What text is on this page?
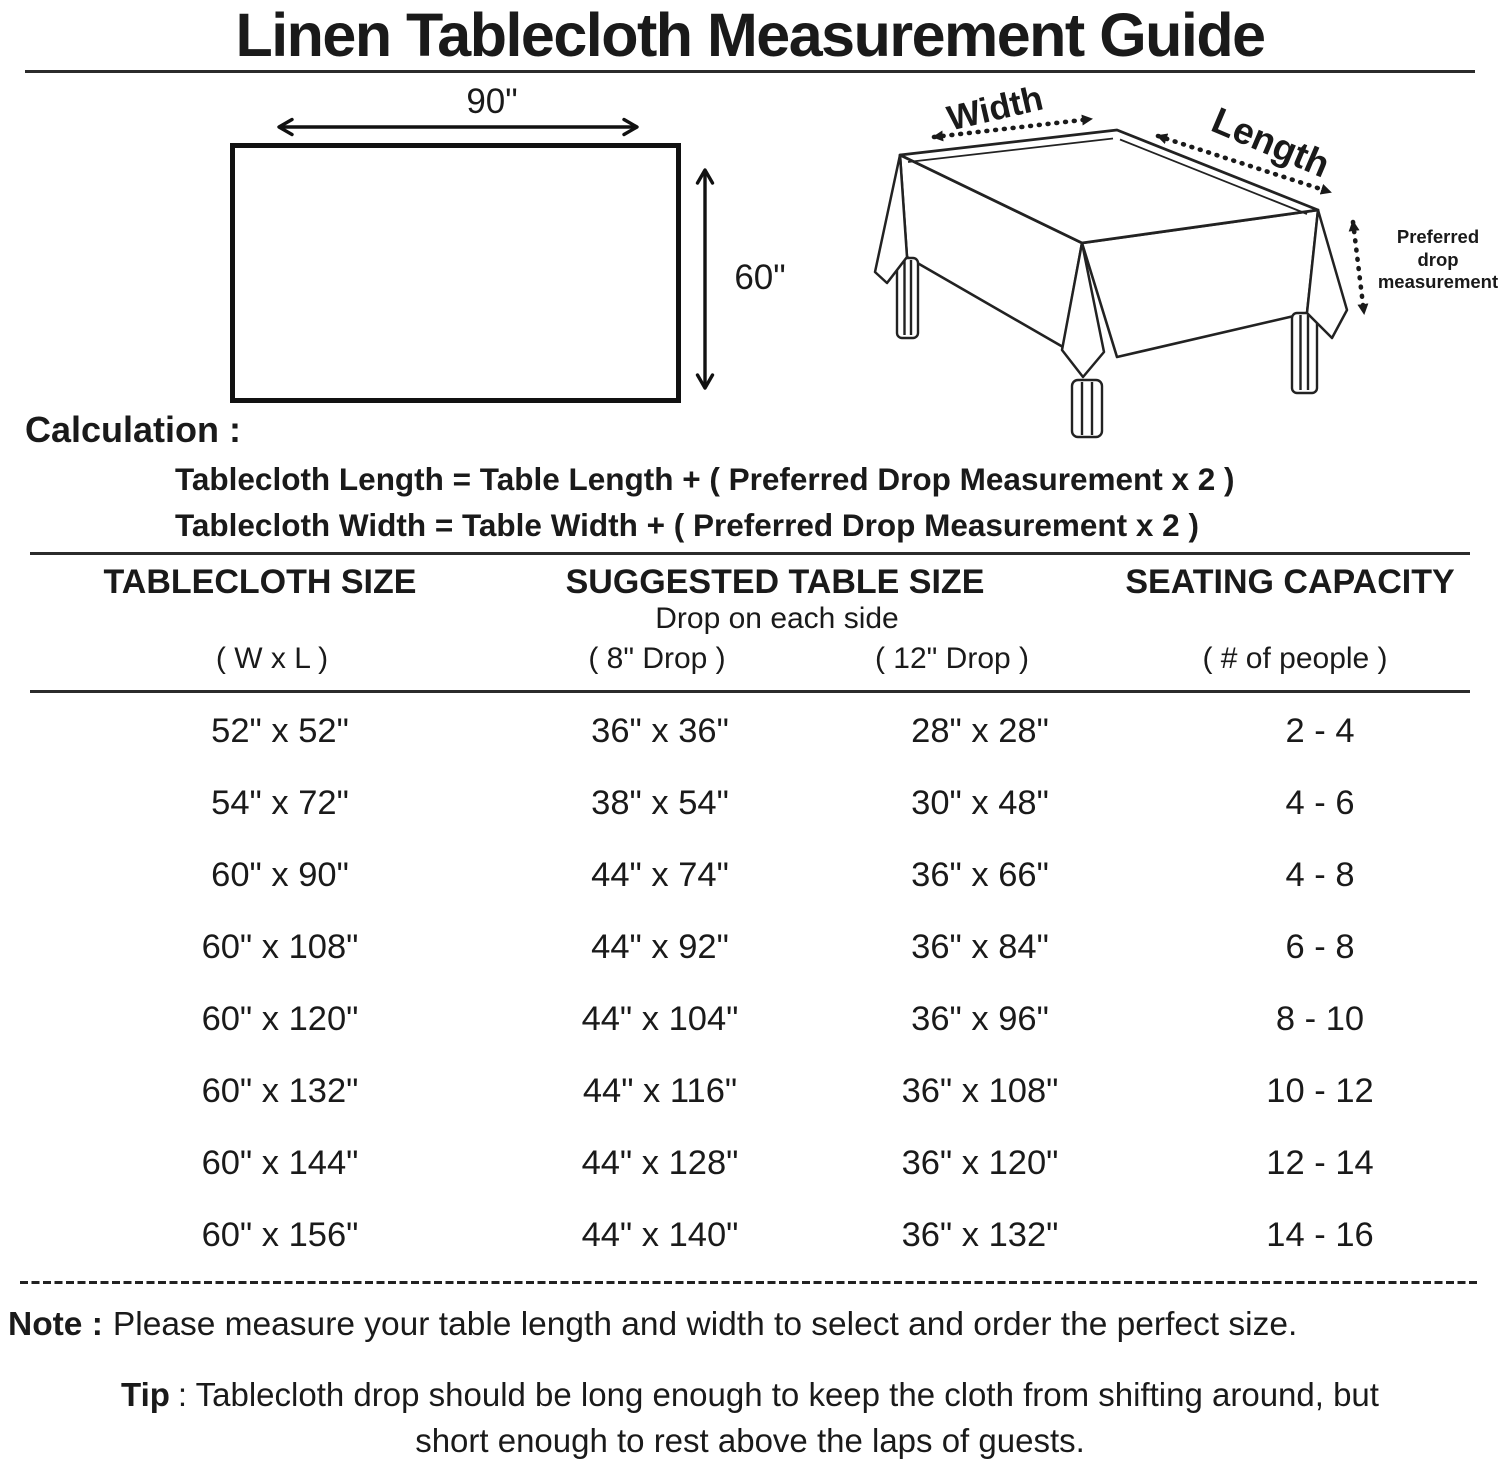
Linen Tablecloth Measurement Guide
90"
60"
Width	Length
Preferred
drop
measurement
Calculation :
Tablecloth Length = Table Length + ( Preferred Drop Measurement x 2 )
Tablecloth Width = Table Width + ( Preferred Drop Measurement x 2 )
TABLECLOTH SIZE	SUGGESTED TABLE SIZE	SEATING CAPACITY
Drop on each side
( W x L )	( 8" Drop )	( 12" Drop )	( # of people )
52" x 52"	36" x 36"	28" x 28"	2 - 4
54" x 72"	38" x 54"	30" x 48"	4 - 6
60" x 90"	44" x 74"	36" x 66"	4 - 8
60" x 108"	44" x 92"	36" x 84"	6 - 8
60" x 120"	44" x 104"	36" x 96"	8 - 10
60" x 132"	44" x 116"	36" x 108"	10 - 12
60" x 144"	44" x 128"	36" x 120"	12 - 14
60" x 156"	44" x 140"	36" x 132"	14 - 16
Note : Please measure your table length and width to select and order the perfect size.
Tip : Tablecloth drop should be long enough to keep the cloth from shifting around, but
short enough to rest above the laps of guests.
